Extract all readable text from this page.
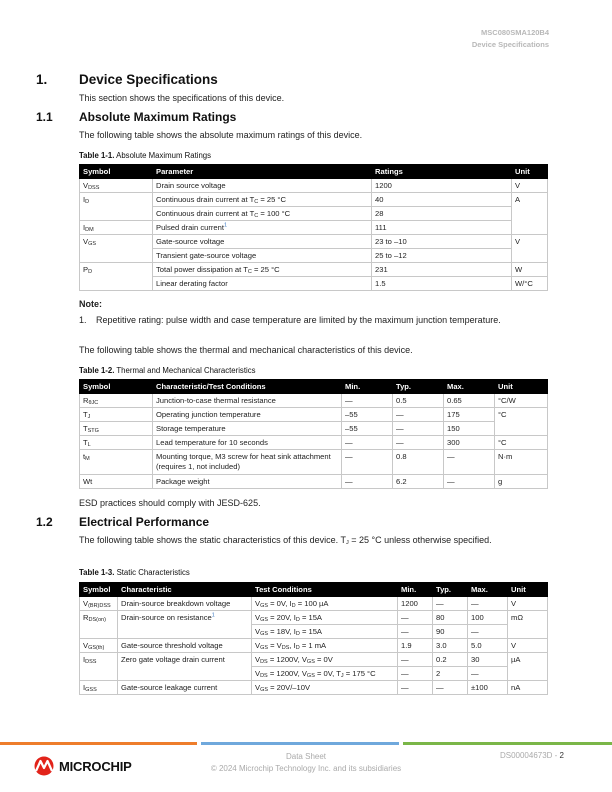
MSC080SMA120B4
Device Specifications
1. Device Specifications
This section shows the specifications of this device.
1.1 Absolute Maximum Ratings
The following table shows the absolute maximum ratings of this device.
Table 1-1. Absolute Maximum Ratings
Symbol	Parameter	Ratings	Unit
$V_{DSS}$	Drain source voltage	1200	V
$I_D$	Continuous drain current at $T_C = 25$ °C	40	A
	Continuous drain current at $T_C = 100$ °C	28	
$I_{DM}$	Pulsed drain current$^1$	111	
$V_{GS}$	Gate-source voltage	23 to –10	V
	Transient gate-source voltage	25 to –12	
$P_D$	Total power dissipation at $T_C = 25$ °C	231	W
	Linear derating factor	1.5	W/°C
Note:
1.	Repetitive rating: pulse width and case temperature are limited by the maximum junction temperature.
The following table shows the thermal and mechanical characteristics of this device.
Table 1-2. Thermal and Mechanical Characteristics
Symbol	Characteristic/Test Conditions	Min.	Typ.	Max.	Unit
$R_{\theta JC}$	Junction-to-case thermal resistance	—	0.5	0.65	°C/W
$T_J$	Operating junction temperature	–55	—	175	°C
$T_{STG}$	Storage temperature	–55	—	150	
$T_L$	Lead temperature for 10 seconds	—	—	300	°C
$t_M$	Mounting torque, M3 screw for heat sink attachment (requires 1, not included)	—	0.8	—	N·m
Wt	Package weight	—	6.2	—	g
ESD practices should comply with JESD-625.
1.2 Electrical Performance
The following table shows the static characteristics of this device. $T_J = 25$ °C unless otherwise specified.
Table 1-3. Static Characteristics
Symbol	Characteristic	Test Conditions	Min.	Typ.	Max.	Unit
$V_{(BR)DSS}$	Drain-source breakdown voltage	$V_{GS} = 0V$, $I_D = 100$ µA	1200	—	—	V
$R_{DS(on)}$	Drain-source on resistance$^1$	$V_{GS} = 20V$, $I_D = 15A$	—	80	100	mΩ
		$V_{GS} = 18V$, $I_D = 15A$	—	90	—	
$V_{GS(th)}$	Gate-source threshold voltage	$V_{GS} = V_{DS}$, $I_D = 1$ mA	1.9	3.0	5.0	V
$I_{DSS}$	Zero gate voltage drain current	$V_{DS} = 1200V$, $V_{GS} = 0V$	—	0.2	30	µA
		$V_{DS} = 1200V$, $V_{GS} = 0V$, $T_J = 175$ °C	—	2	—	
$I_{GSS}$	Gate-source leakage current	$V_{GS} = 20V/-10V$	—	—	±100	nA
Data Sheet
© 2024 Microchip Technology Inc. and its subsidiaries
DS00004673D - 2
MICROCHIP
